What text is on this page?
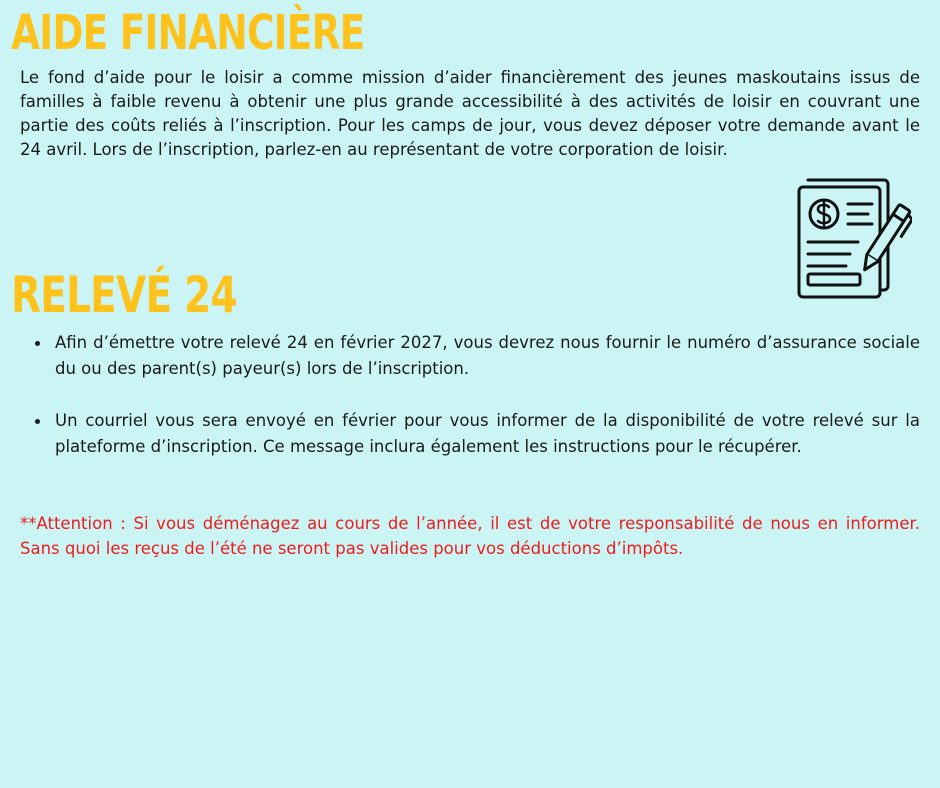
AIDE FINANCIÈRE

Le fond d’aide pour le loisir a comme mission d’aider financièrement des jeunes maskoutains issus de familles à faible revenu à obtenir une plus grande accessibilité à des activités de loisir en couvrant une partie des coûts reliés à l’inscription. Pour les camps de jour, vous devez déposer votre demande avant le 24 avril. Lors de l’inscription, parlez-en au représentant de votre corporation de loisir.

RELEVÉ 24
Afin d’émettre votre relevé 24 en février 2027, vous devrez nous fournir le numéro d’assurance sociale du ou des parent(s) payeur(s) lors de l’inscription.
Un courriel vous sera envoyé en février pour vous informer de la disponibilité de votre relevé sur la plateforme d’inscription. Ce message inclura également les instructions pour le récupérer.

**Attention : Si vous déménagez au cours de l’année, il est de votre responsabilité de nous en informer. Sans quoi les reçus de l’été ne seront pas valides pour vos déductions d’impôts.
